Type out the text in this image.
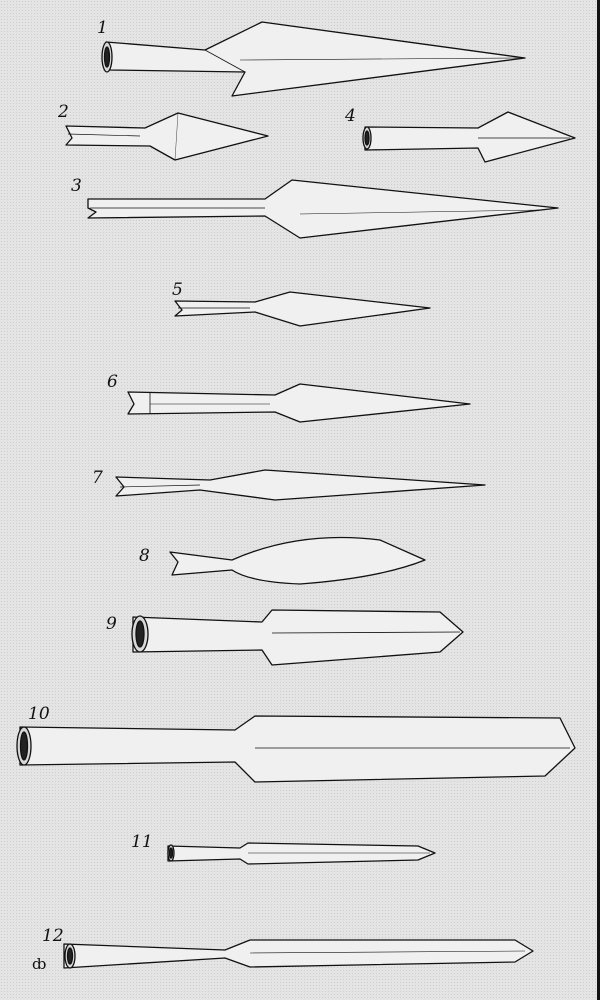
1
2	4
3
5
6
7
8
9
10
11
12
ȸ
